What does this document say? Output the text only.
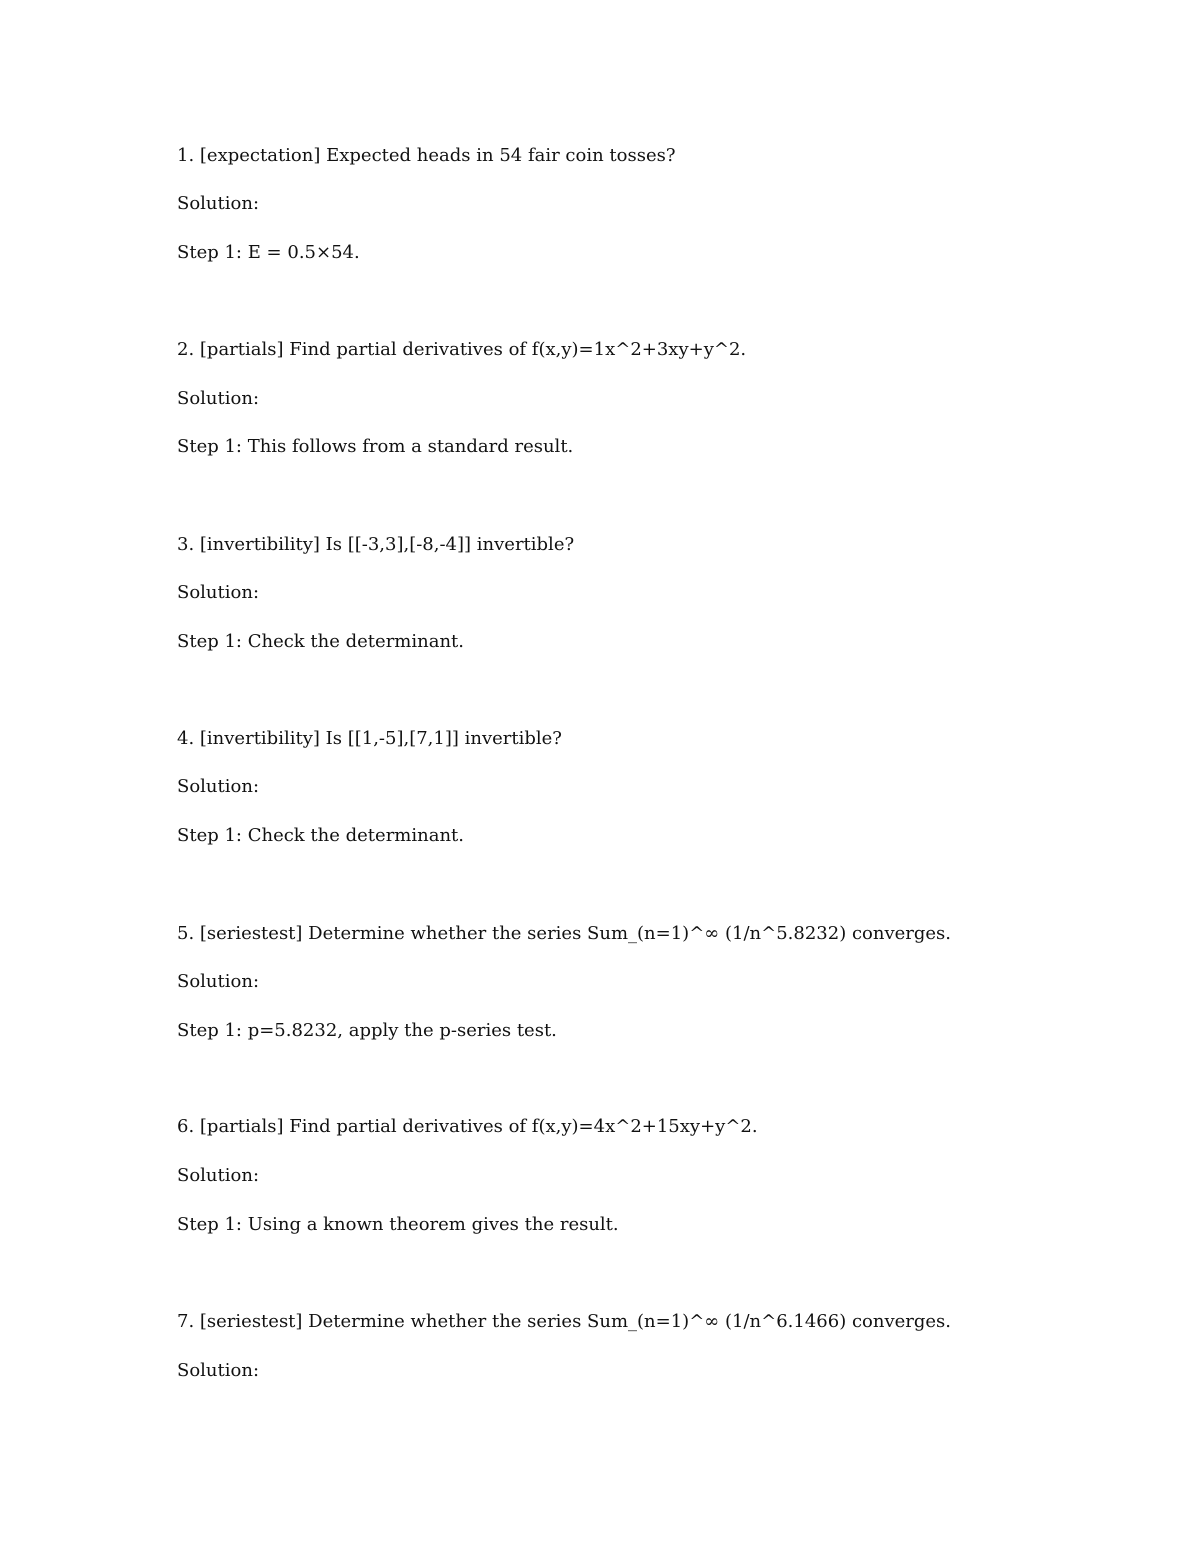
1. [expectation] Expected heads in 54 fair coin tosses?
Solution:
Step 1: E = 0.5×54.
2. [partials] Find partial derivatives of f(x,y)=1x^2+3xy+y^2.
Solution:
Step 1: This follows from a standard result.
3. [invertibility] Is [[-3,3],[-8,-4]] invertible?
Solution:
Step 1: Check the determinant.
4. [invertibility] Is [[1,-5],[7,1]] invertible?
Solution:
Step 1: Check the determinant.
5. [seriestest] Determine whether the series Sum_(n=1)^∞ (1/n^5.8232) converges.
Solution:
Step 1: p=5.8232, apply the p-series test.
6. [partials] Find partial derivatives of f(x,y)=4x^2+15xy+y^2.
Solution:
Step 1: Using a known theorem gives the result.
7. [seriestest] Determine whether the series Sum_(n=1)^∞ (1/n^6.1466) converges.
Solution:
